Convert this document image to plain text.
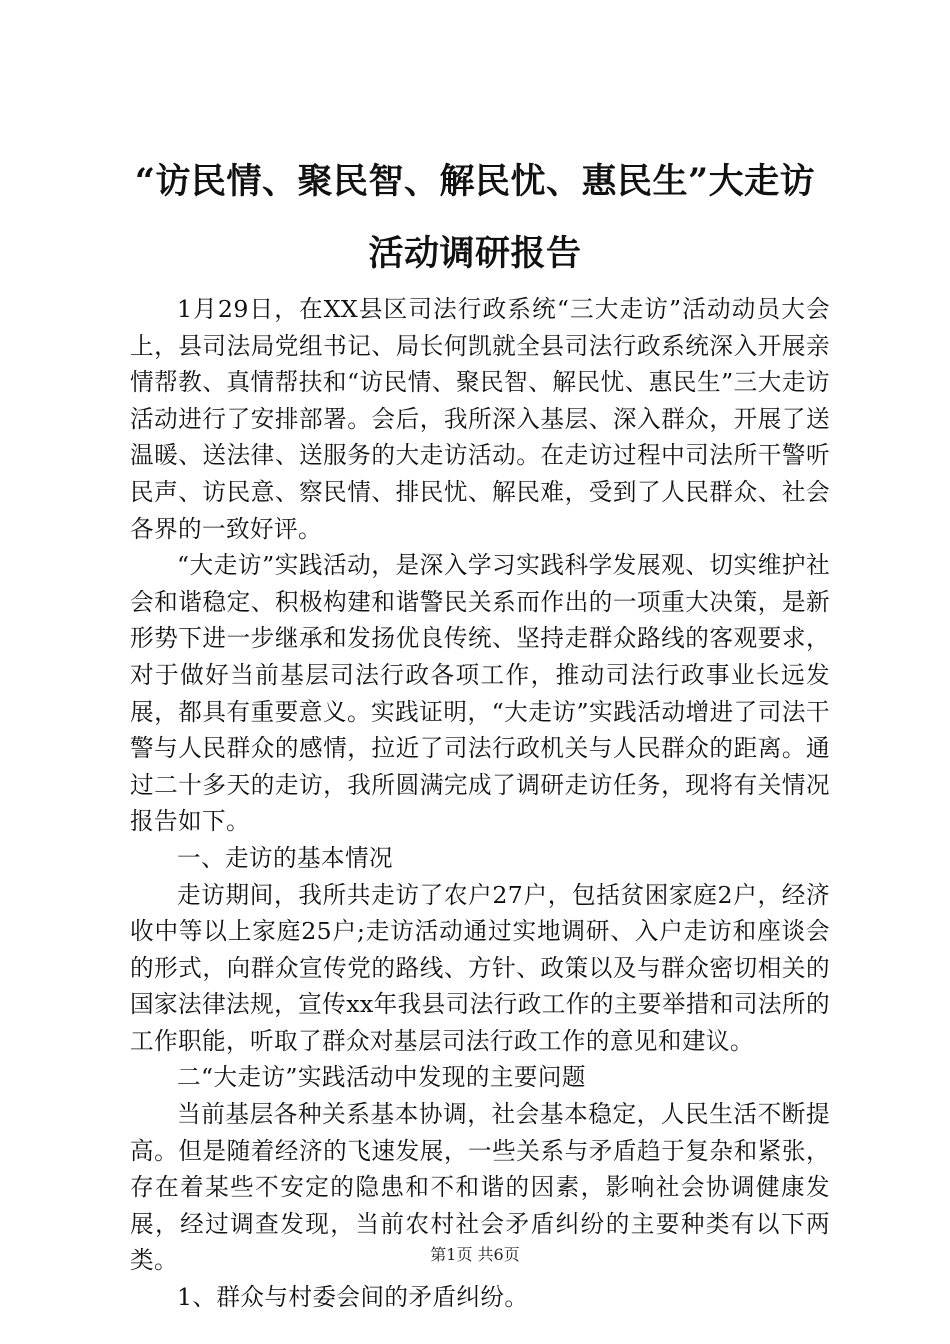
“访民情、聚民智、解民忧、惠民生”大走访
活动调研报告

1月29日，在XX县区司法行政系统“三大走访”活动动员大会上，县司法局党组书记、局长何凯就全县司法行政系统深入开展亲情帮教、真情帮扶和“访民情、聚民智、解民忧、惠民生”三大走访活动进行了安排部署。会后，我所深入基层、深入群众，开展了送温暖、送法律、送服务的大走访活动。在走访过程中司法所干警听民声、访民意、察民情、排民忧、解民难，受到了人民群众、社会各界的一致好评。

“大走访”实践活动，是深入学习实践科学发展观、切实维护社会和谐稳定、积极构建和谐警民关系而作出的一项重大决策，是新形势下进一步继承和发扬优良传统、坚持走群众路线的客观要求，对于做好当前基层司法行政各项工作，推动司法行政事业长远发展，都具有重要意义。实践证明，“大走访”实践活动增进了司法干警与人民群众的感情，拉近了司法行政机关与人民群众的距离。通过二十多天的走访，我所圆满完成了调研走访任务，现将有关情况报告如下。

一、走访的基本情况

走访期间，我所共走访了农户27户，包括贫困家庭2户，经济收中等以上家庭25户;走访活动通过实地调研、入户走访和座谈会的形式，向群众宣传党的路线、方针、政策以及与群众密切相关的国家法律法规，宣传xx年我县司法行政工作的主要举措和司法所的工作职能，听取了群众对基层司法行政工作的意见和建议。

二“大走访”实践活动中发现的主要问题

当前基层各种关系基本协调，社会基本稳定，人民生活不断提高。但是随着经济的飞速发展，一些关系与矛盾趋于复杂和紧张，存在着某些不安定的隐患和不和谐的因素，影响社会协调健康发展，经过调查发现，当前农村社会矛盾纠纷的主要种类有以下两类。

1、群众与村委会间的矛盾纠纷。

第1页 共6页
